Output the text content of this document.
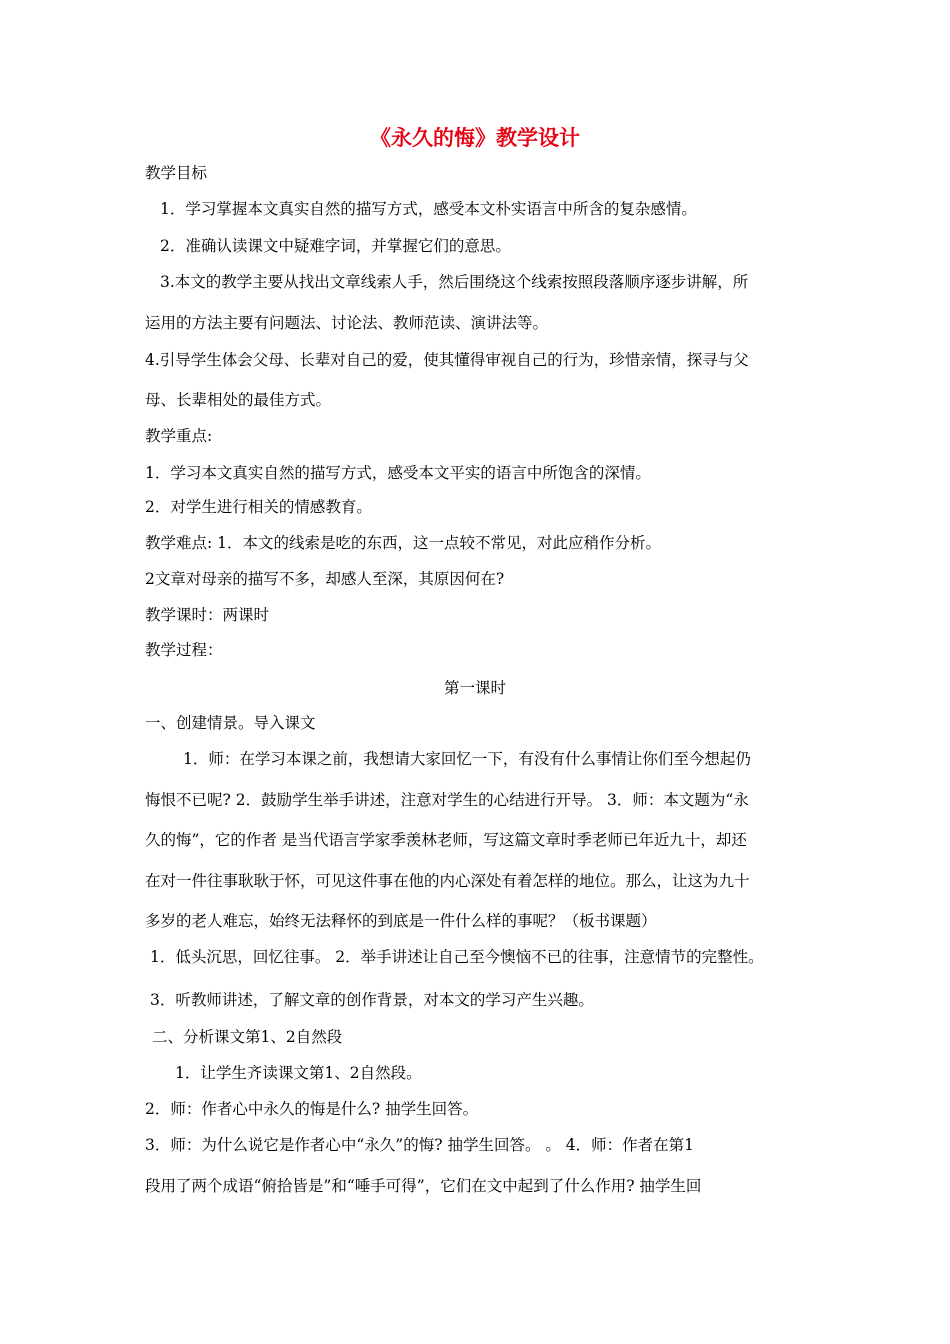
《永久的悔》教学设计
教学目标
1．学习掌握本文真实自然的描写方式，感受本文朴实语言中所含的复杂感情。
2．准确认读课文中疑难字词，并掌握它们的意思。
3.本文的教学主要从找出文章线索人手，然后围绕这个线索按照段落顺序逐步讲解，所
运用的方法主要有问题法、讨论法、教师范读、演讲法等。
4.引导学生体会父母、长辈对自己的爱，使其懂得审视自己的行为，珍惜亲情，探寻与父
母、长辈相处的最佳方式。
教学重点:
1．学习本文真实自然的描写方式，感受本文平实的语言中所饱含的深情。
2．对学生进行相关的情感教育。
教学难点: 1．本文的线索是吃的东西，这一点较不常见，对此应稍作分析。
2文章对母亲的描写不多，却感人至深，其原因何在?
教学课时：两课时
教学过程：
第一课时
一、创建情景。导入课文
1．师：在学习本课之前，我想请大家回忆一下，有没有什么事情让你们至今想起仍
悔恨不已呢? 2．鼓励学生举手讲述，注意对学生的心结进行开导。 3．师：本文题为“永
久的悔”，它的作者 是当代语言学家季羡林老师，写这篇文章时季老师已年近九十，却还
在对一件往事耿耿于怀，可见这件事在他的内心深处有着怎样的地位。那么，让这为九十
多岁的老人难忘，始终无法释怀的到底是一件什么样的事呢？（板书课题）
1．低头沉思，回忆往事。 2．举手讲述让自己至今懊恼不已的往事，注意情节的完整性。
3．听教师讲述，了解文章的创作背景，对本文的学习产生兴趣。
二、分析课文第1、2自然段
1．让学生齐读课文第1、2自然段。
2．师：作者心中永久的悔是什么? 抽学生回答。
3．师：为什么说它是作者心中“永久”的悔? 抽学生回答。 。 4．师：作者在第1
段用了两个成语“俯拾皆是”和“唾手可得”，它们在文中起到了什么作用? 抽学生回
